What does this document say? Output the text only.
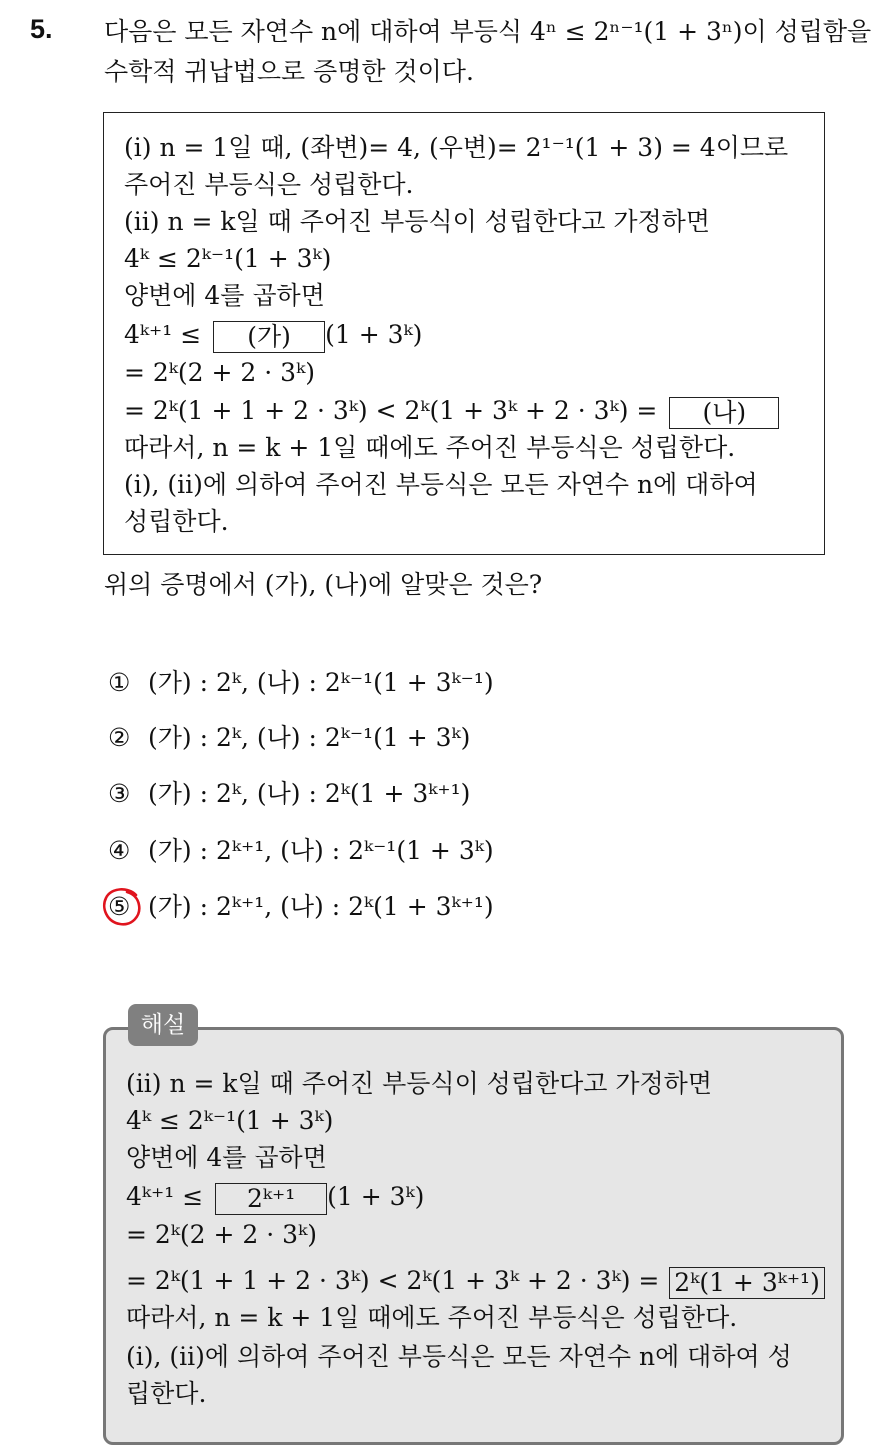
5. 다음은 모든 자연수 n에 대하여 부등식 4ⁿ ≤ 2ⁿ⁻¹(1 + 3ⁿ)이 성립함을
수학적 귀납법으로 증명한 것이다.
(i) n = 1일 때, (좌변)= 4, (우변)= 2¹⁻¹(1 + 3) = 4이므로
주어진 부등식은 성립한다.
(ii) n = k일 때 주어진 부등식이 성립한다고 가정하면
4ᵏ ≤ 2ᵏ⁻¹(1 + 3ᵏ)
양변에 4를 곱하면
4ᵏ⁺¹ ≤ (가) (1 + 3ᵏ)
= 2ᵏ(2 + 2 · 3ᵏ)
= 2ᵏ(1 + 1 + 2 · 3ᵏ) < 2ᵏ(1 + 3ᵏ + 2 · 3ᵏ) = (나)
따라서, n = k + 1일 때에도 주어진 부등식은 성립한다.
(i), (ii)에 의하여 주어진 부등식은 모든 자연수 n에 대하여
성립한다.
위의 증명에서 (가), (나)에 알맞은 것은?
① (가) : 2ᵏ, (나) : 2ᵏ⁻¹(1 + 3ᵏ⁻¹)
② (가) : 2ᵏ, (나) : 2ᵏ⁻¹(1 + 3ᵏ)
③ (가) : 2ᵏ, (나) : 2ᵏ(1 + 3ᵏ⁺¹)
④ (가) : 2ᵏ⁺¹, (나) : 2ᵏ⁻¹(1 + 3ᵏ)
⑤ (가) : 2ᵏ⁺¹, (나) : 2ᵏ(1 + 3ᵏ⁺¹)
(ii) n = k일 때 주어진 부등식이 성립한다고 가정하면
4ᵏ ≤ 2ᵏ⁻¹(1 + 3ᵏ)
양변에 4를 곱하면
4ᵏ⁺¹ ≤ 2ᵏ⁺¹ (1 + 3ᵏ)
= 2ᵏ(2 + 2 · 3ᵏ)
= 2ᵏ(1 + 1 + 2 · 3ᵏ) < 2ᵏ(1 + 3ᵏ + 2 · 3ᵏ) = 2ᵏ(1 + 3ᵏ⁺¹)
따라서, n = k + 1일 때에도 주어진 부등식은 성립한다.
(i), (ii)에 의하여 주어진 부등식은 모든 자연수 n에 대하여 성
립한다.
해설
